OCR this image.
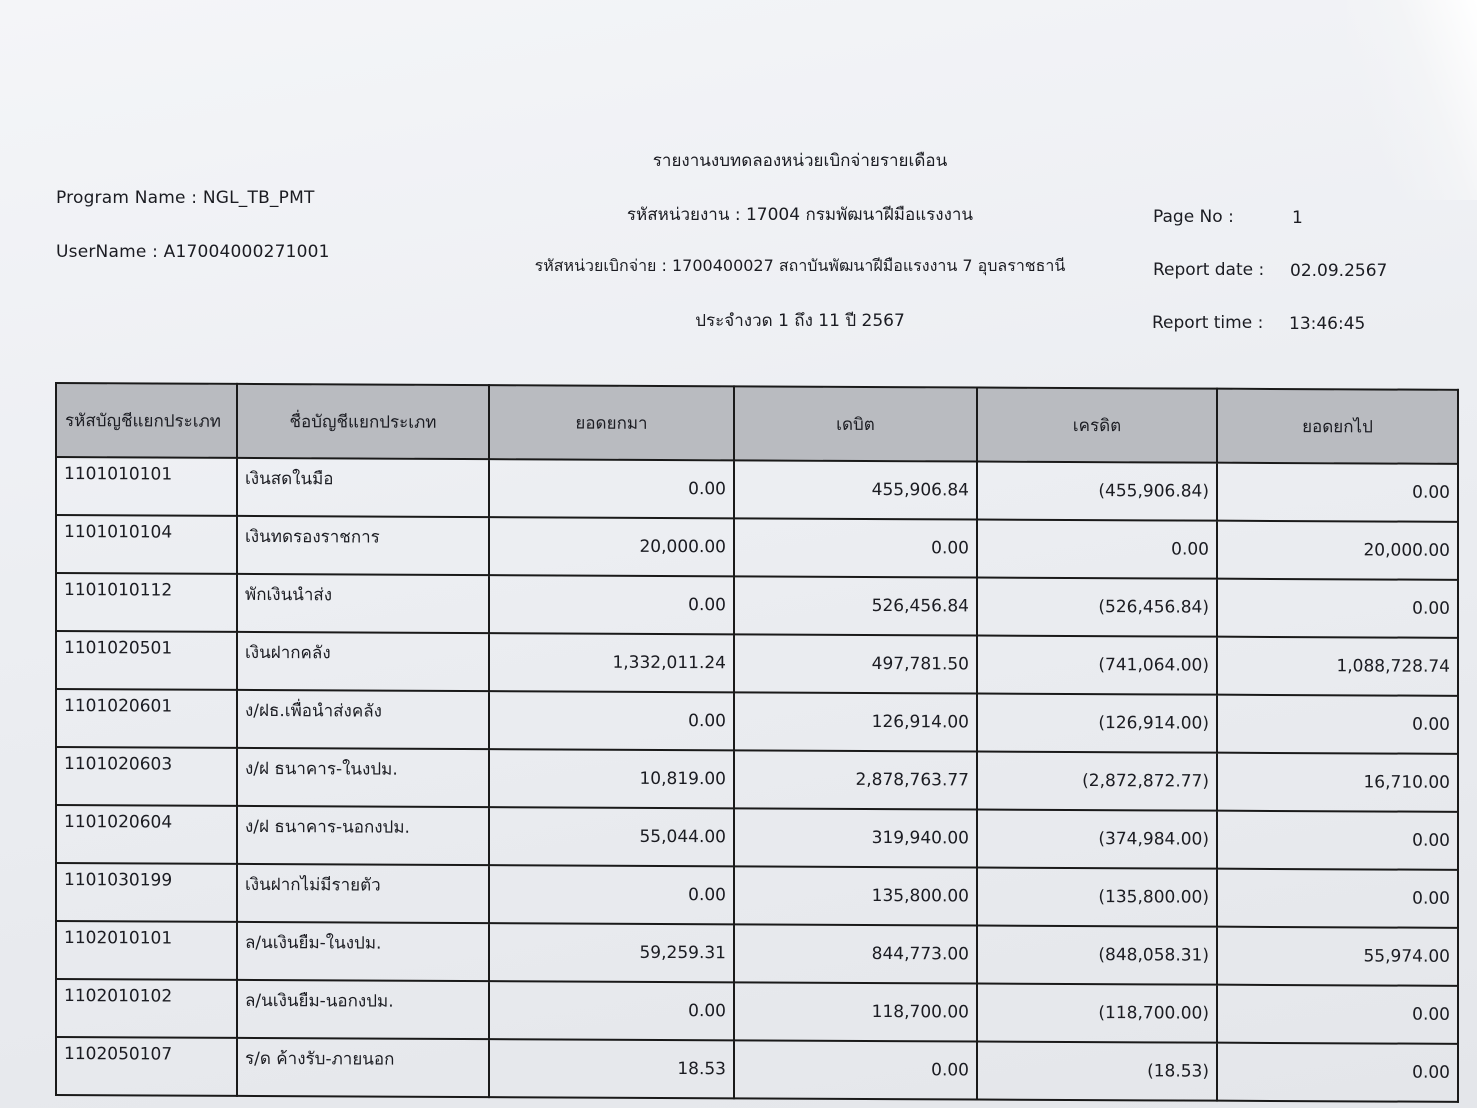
รายงานงบทดลองหน่วยเบิกจ่ายรายเดือน
Program Name : NGL_TB_PMT
UserName : A17004000271001
รหัสหน่วยงาน : 17004 กรมพัฒนาฝีมือแรงงาน
รหัสหน่วยเบิกจ่าย : 1700400027 สถาบันพัฒนาฝีมือแรงงาน 7 อุบลราชธานี
ประจำงวด 1 ถึง 11 ปี 2567
Page No :	1
Report date : 02.09.2567
Report time : 13:46:45
รหัสบัญชีแยกประเภท	ชื่อบัญชีแยกประเภท	ยอดยกมา	เดบิต	เครดิต	ยอดยกไป
1101010101	เงินสดในมือ	0.00	455,906.84	(455,906.84)	0.00
1101010104	เงินทดรองราชการ	20,000.00	0.00	0.00	20,000.00
1101010112	พักเงินนำส่ง	0.00	526,456.84	(526,456.84)	0.00
1101020501	เงินฝากคลัง	1,332,011.24	497,781.50	(741,064.00)	1,088,728.74
1101020601	ง/ฝธ.เพื่อนำส่งคลัง	0.00	126,914.00	(126,914.00)	0.00
1101020603	ง/ฝ ธนาคาร-ในงปม.	10,819.00	2,878,763.77	(2,872,872.77)	16,710.00
1101020604	ง/ฝ ธนาคาร-นอกงปม.	55,044.00	319,940.00	(374,984.00)	0.00
1101030199	เงินฝากไม่มีรายตัว	0.00	135,800.00	(135,800.00)	0.00
1102010101	ล/นเงินยืม-ในงปม.	59,259.31	844,773.00	(848,058.31)	55,974.00
1102010102	ล/นเงินยืม-นอกงปม.	0.00	118,700.00	(118,700.00)	0.00
1102050107	ร/ด ค้างรับ-ภายนอก	18.53	0.00	(18.53)	0.00
